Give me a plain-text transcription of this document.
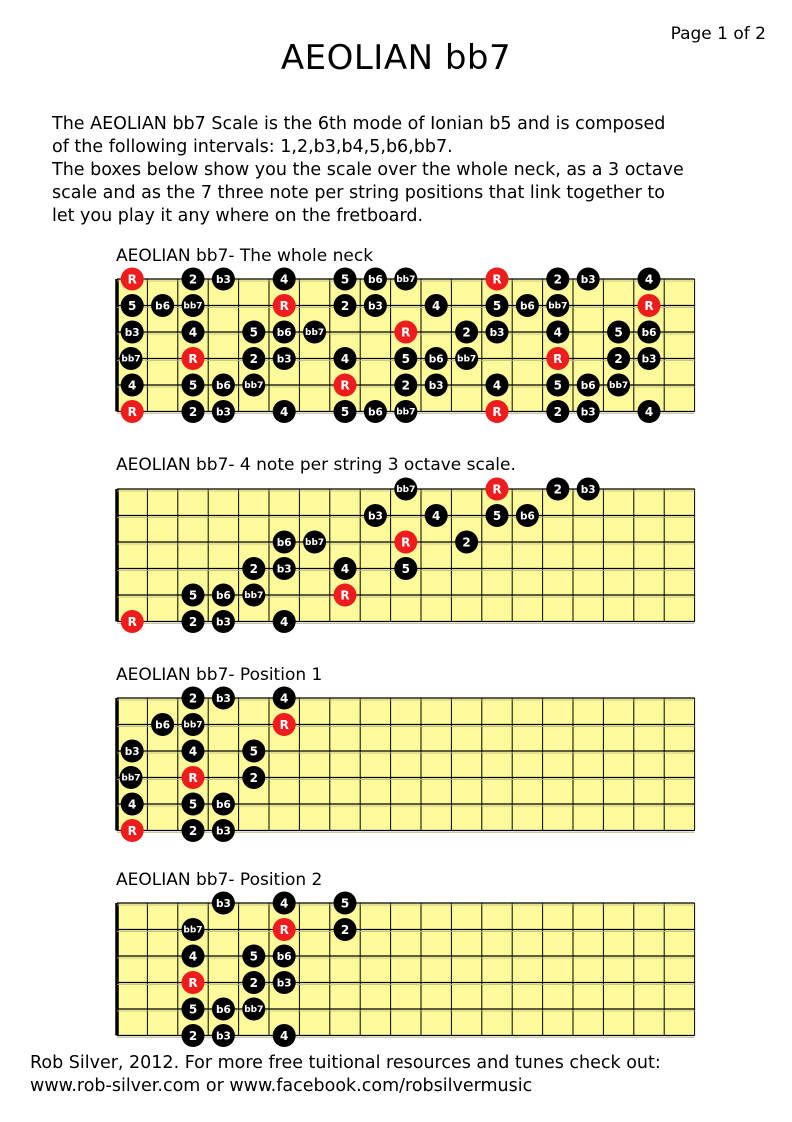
Page 1 of 2
AEOLIAN bb7
The AEOLIAN bb7 Scale is the 6th mode of Ionian b5 and is composed
of the following intervals: 1,2,b3,b4,5,b6,bb7.
The boxes below show you the scale over the whole neck, as a 3 octave
scale and as the 7 three note per string positions that link together to
let you play it any where on the fretboard.
AEOLIAN bb7- The whole neck
AEOLIAN bb7- 4 note per string 3 octave scale.
AEOLIAN bb7- Position 1
AEOLIAN bb7- Position 2
R	2 b3	4	5 b6 bb7	R	2 b3	4
5 b6 bb7	R	2 b3	4	5 b6 bb7	R
b3	4	5 b6 bb7	R	2 b3	4	5 b6
bb7	R	2 b3	4	5 b6 bb7	R	2 b3
4	5 b6 bb7	R	2 b3	4	5 b6 bb7
R	2 b3	4	5 b6 bb7	R	2 b3	4
R	2 b3	4
5 b6 bb7	R
2 b3	4	5
b6 bb7	R	2
b3	4	5 b6
bb7	R	2 b3
2 b3	4
b6 bb7	R
b3	4	5
bb7	R	2
4	5 b6
R	2 b3
b3	4	5
bb7	R	2
4	5 b6
R	2 b3
5 b6 bb7
2 b3	4
Rob Silver, 2012. For more free tuitional resources and tunes check out:
www.rob-silver.com or www.facebook.com/robsilvermusic
